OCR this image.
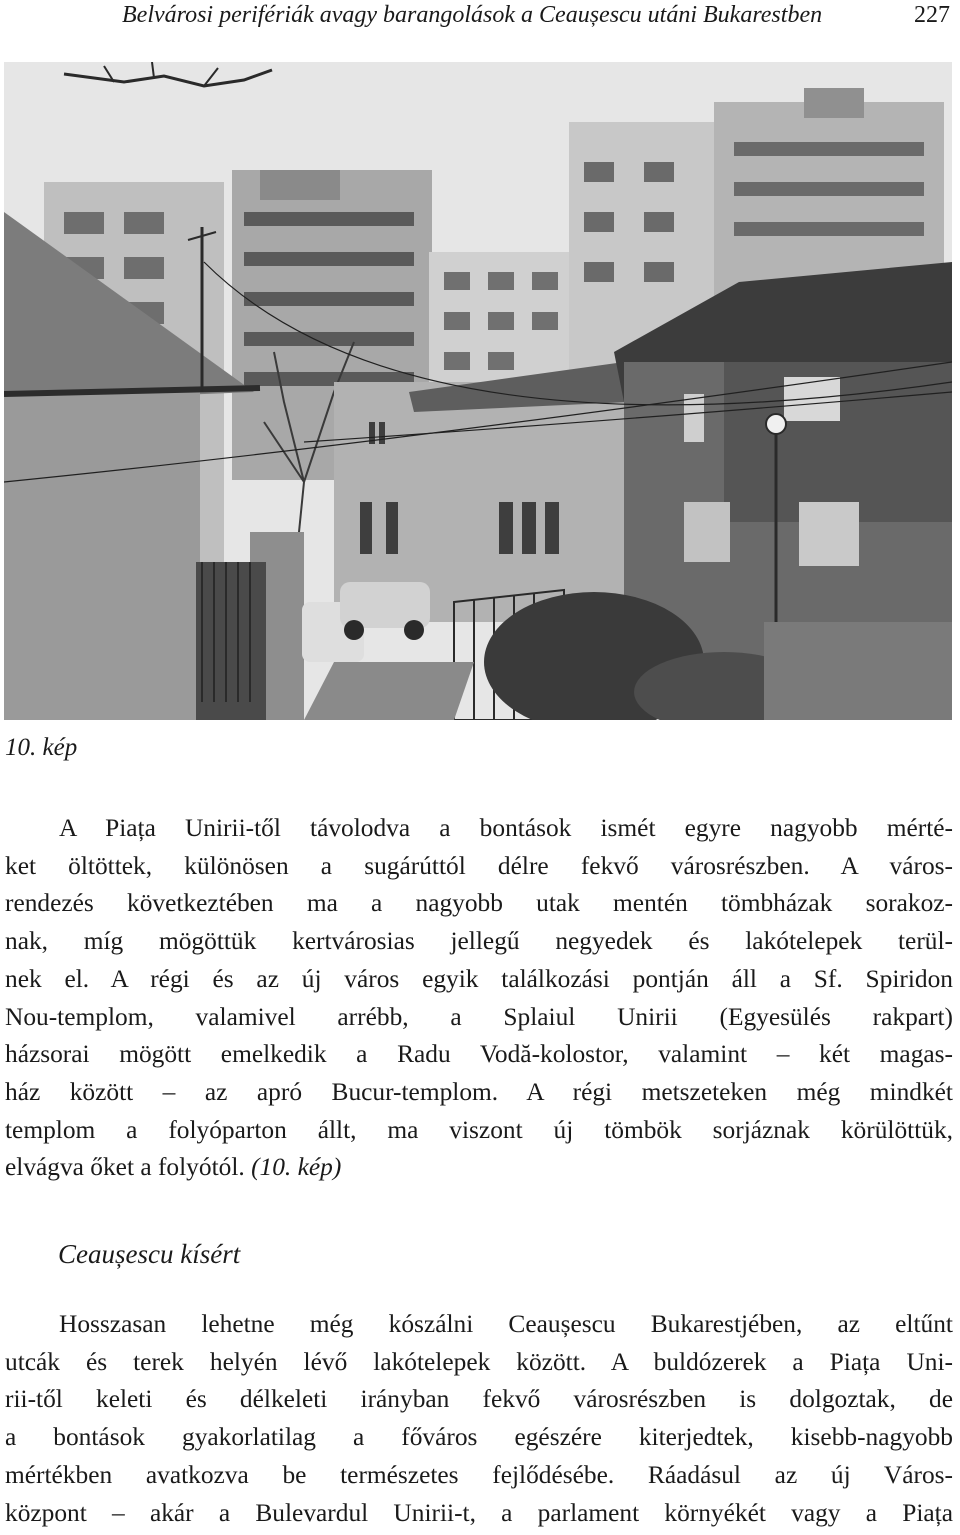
Belvárosi perifériák avagy barangolások a Ceaușescu utáni Bukarestben	227
10. kép

A Piața Unirii-től távolodva a bontások ismét egyre nagyobb mérté-
ket öltöttek, különösen a sugárúttól délre fekvő városrészben. A város-
rendezés következtében ma a nagyobb utak mentén tömbházak sorakoz-
nak, míg mögöttük kertvárosias jellegű negyedek és lakótelepek terül-
nek el. A régi és az új város egyik találkozási pontján áll a Sf. Spiridon
Nou-templom, valamivel arrébb, a Splaiul Unirii (Egyesülés rakpart)
házsorai mögött emelkedik a Radu Vodă-kolostor, valamint – két magas-
ház között – az apró Bucur-templom. A régi metszeteken még mindkét
templom a folyóparton állt, ma viszont új tömbök sorjáznak körülöttük,
elvágva őket a folyótól. (10. kép)

Ceaușescu kísért

Hosszasan lehetne még kószálni Ceaușescu Bukarestjében, az eltűnt
utcák és terek helyén lévő lakótelepek között. A buldózerek a Piața Uni-
rii-től keleti és délkeleti irányban fekvő városrészben is dolgoztak, de
a bontások gyakorlatilag a főváros egészére kiterjedtek, kisebb-nagyobb
mértékben avatkozva be természetes fejlődésébe. Ráadásul az új Város-
központ – akár a Bulevardul Unirii-t, a parlament környékét vagy a Piața
